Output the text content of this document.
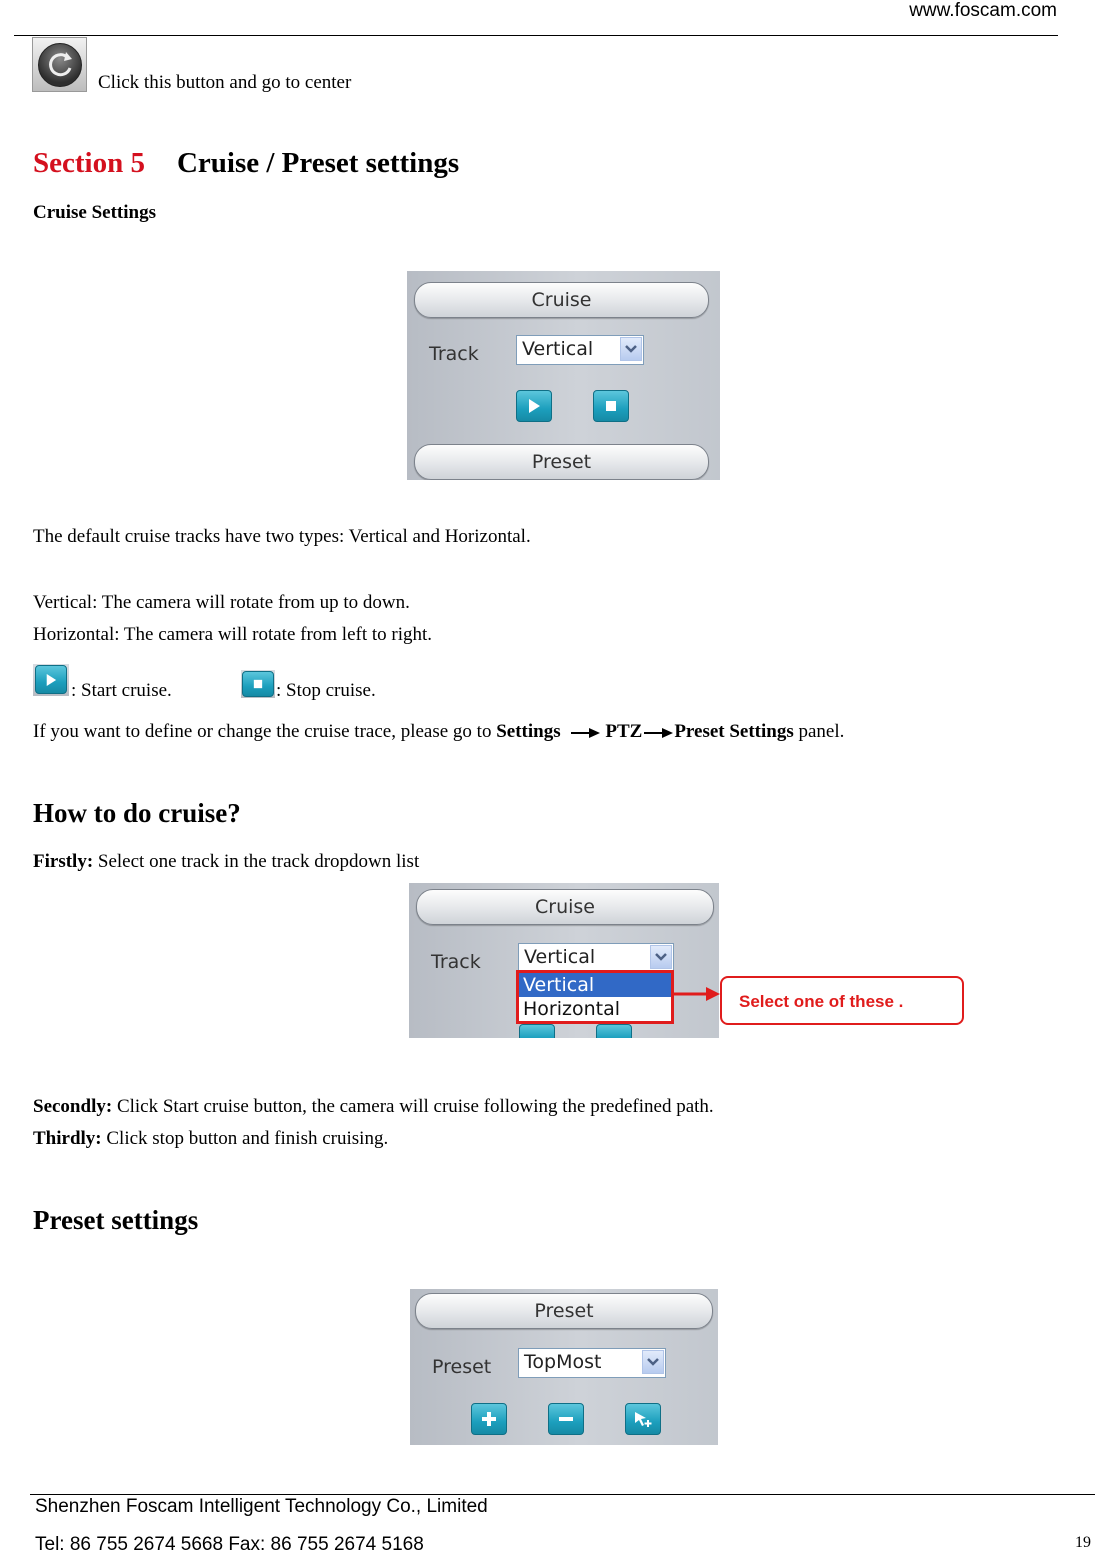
www.foscam.com
Click this button and go to center
Section 5 Cruise / Preset settings
Cruise Settings
Cruise
Track Vertical
Preset
The default cruise tracks have two types: Vertical and Horizontal.
Vertical: The camera will rotate from up to down.
Horizontal: The camera will rotate from left to right.
: Start cruise.	: Stop cruise.
If you want to define or change the cruise trace, please go to Settings PTZ Preset Settings panel.
How to do cruise?
Firstly: Select one track in the track dropdown list
Cruise
Track Vertical
Vertical
Horizontal	Select one of these .
Secondly: Click Start cruise button, the camera will cruise following the predefined path.
Thirdly: Click stop button and finish cruising.
Preset settings
Preset
Preset TopMost
Shenzhen Foscam Intelligent Technology Co., Limited
Tel: 86 755 2674 5668 Fax: 86 755 2674 5168	19
